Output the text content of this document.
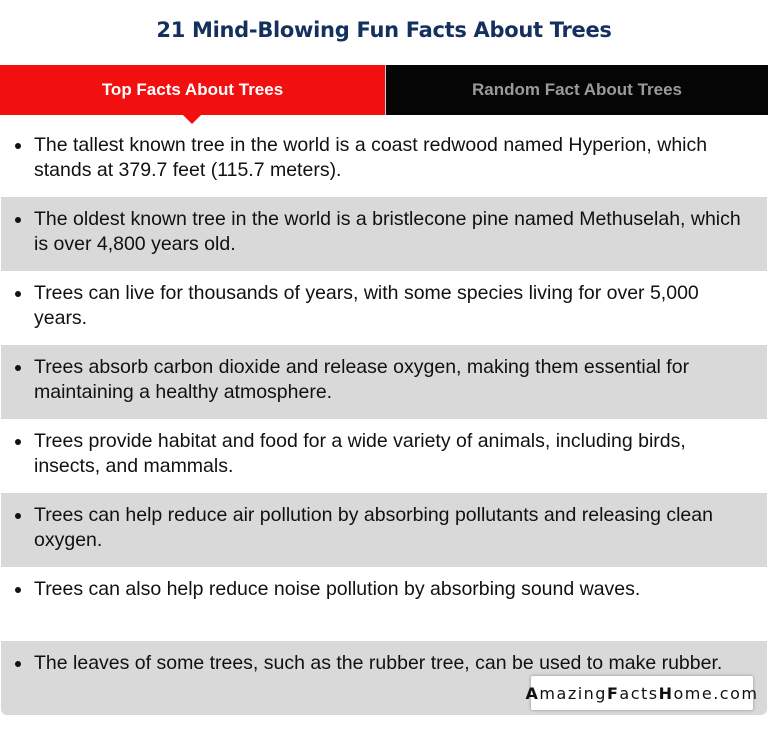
21 Mind-Blowing Fun Facts About Trees
Top Facts About Trees	Random Fact About Trees
The tallest known tree in the world is a coast redwood named Hyperion, which stands at 379.7 feet (115.7 meters).
The oldest known tree in the world is a bristlecone pine named Methuselah, which is over 4,800 years old.
Trees can live for thousands of years, with some species living for over 5,000 years.
Trees absorb carbon dioxide and release oxygen, making them essential for maintaining a healthy atmosphere.
Trees provide habitat and food for a wide variety of animals, including birds, insects, and mammals.
Trees can help reduce air pollution by absorbing pollutants and releasing clean oxygen.
Trees can also help reduce noise pollution by absorbing sound waves.
The leaves of some trees, such as the rubber tree, can be used to make rubber.
A mazing F acts H ome.com
